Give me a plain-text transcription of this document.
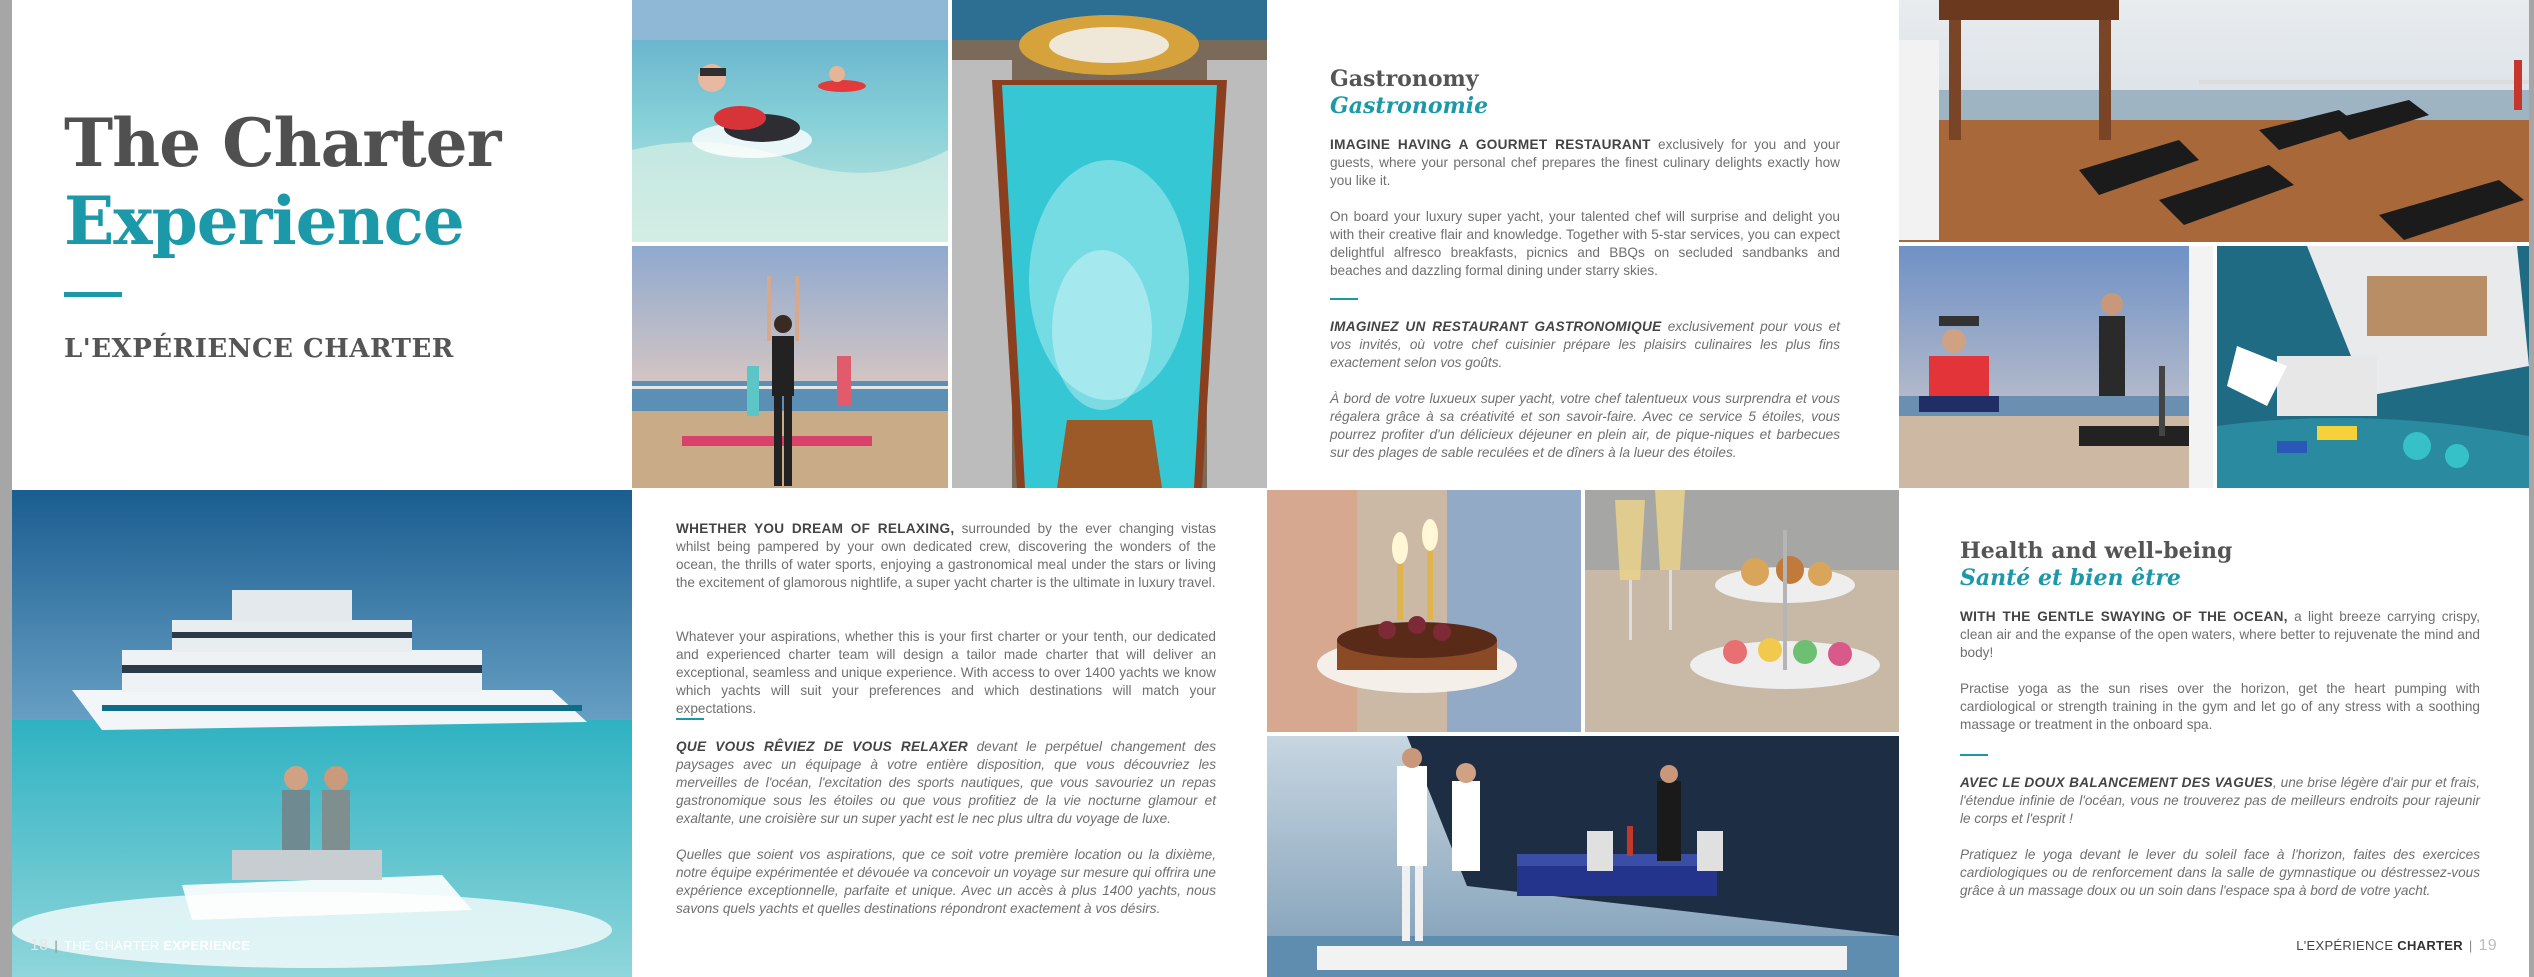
The Charter
Experience
L'EXPÉRIENCE CHARTER

WHETHER YOU DREAM OF RELAXING, surrounded by the ever changing vistas whilst being pampered by your own dedicated crew, discovering the wonders of the ocean, the thrills of water sports, enjoying a gastronomical meal under the stars or living the excitement of glamorous nightlife, a super yacht charter is the ultimate in luxury travel.

Whatever your aspirations, whether this is your first charter or your tenth, our dedicated and experienced charter team will design a tailor made charter that will deliver an exceptional, seamless and unique experience. With access to over 1400 yachts we know which yachts will suit your preferences and which destinations will match your expectations.

QUE VOUS RÊVIEZ DE VOUS RELAXER devant le perpétuel changement des paysages avec un équipage à votre entière disposition, que vous découvriez les merveilles de l'océan, l'excitation des sports nautiques, que vous savouriez un repas gastronomique sous les étoiles ou que vous profitiez de la vie nocturne glamour et exaltante, une croisière sur un super yacht est le nec plus ultra du voyage de luxe.

Quelles que soient vos aspirations, que ce soit votre première location ou la dixième, notre équipe expérimentée et dévouée va concevoir un voyage sur mesure qui offrira une expérience exceptionnelle, parfaite et unique. Avec un accès à plus 1400 yachts, nous savons quels yachts et quelles destinations répondront exactement à vos désirs.

18 | THE CHARTER EXPERIENCE
Gastronomy
Gastronomie

IMAGINE HAVING A GOURMET RESTAURANT exclusively for you and your guests, where your personal chef prepares the finest culinary delights exactly how you like it.

On board your luxury super yacht, your talented chef will surprise and delight you with their creative flair and knowledge. Together with 5-star services, you can expect delightful alfresco breakfasts, picnics and BBQs on secluded sandbanks and beaches and dazzling formal dining under starry skies.

IMAGINEZ UN RESTAURANT GASTRONOMIQUE exclusivement pour vous et vos invités, où votre chef cuisinier prépare les plaisirs culinaires les plus fins exactement selon vos goûts.

À bord de votre luxueux super yacht, votre chef talentueux vous surprendra et vous régalera grâce à sa créativité et son savoir-faire. Avec ce service 5 étoiles, vous pourrez profiter d'un délicieux déjeuner en plein air, de pique-niques et barbecues sur des plages de sable reculées et de dîners à la lueur des étoiles.

Health and well-being
Santé et bien être

WITH THE GENTLE SWAYING OF THE OCEAN, a light breeze carrying crispy, clean air and the expanse of the open waters, where better to rejuvenate the mind and body!

Practise yoga as the sun rises over the horizon, get the heart pumping with cardiological or strength training in the gym and let go of any stress with a soothing massage or treatment in the onboard spa.

AVEC LE DOUX BALANCEMENT DES VAGUES, une brise légère d'air pur et frais, l'étendue infinie de l'océan, vous ne trouverez pas de meilleurs endroits pour rajeunir le corps et l'esprit !

Pratiquez le yoga devant le lever du soleil face à l'horizon, faites des exercices cardiologiques ou de renforcement dans la salle de gymnastique ou déstressez-vous grâce à un massage doux ou un soin dans l'espace spa à bord de votre yacht.

L'EXPÉRIENCE CHARTER | 19
